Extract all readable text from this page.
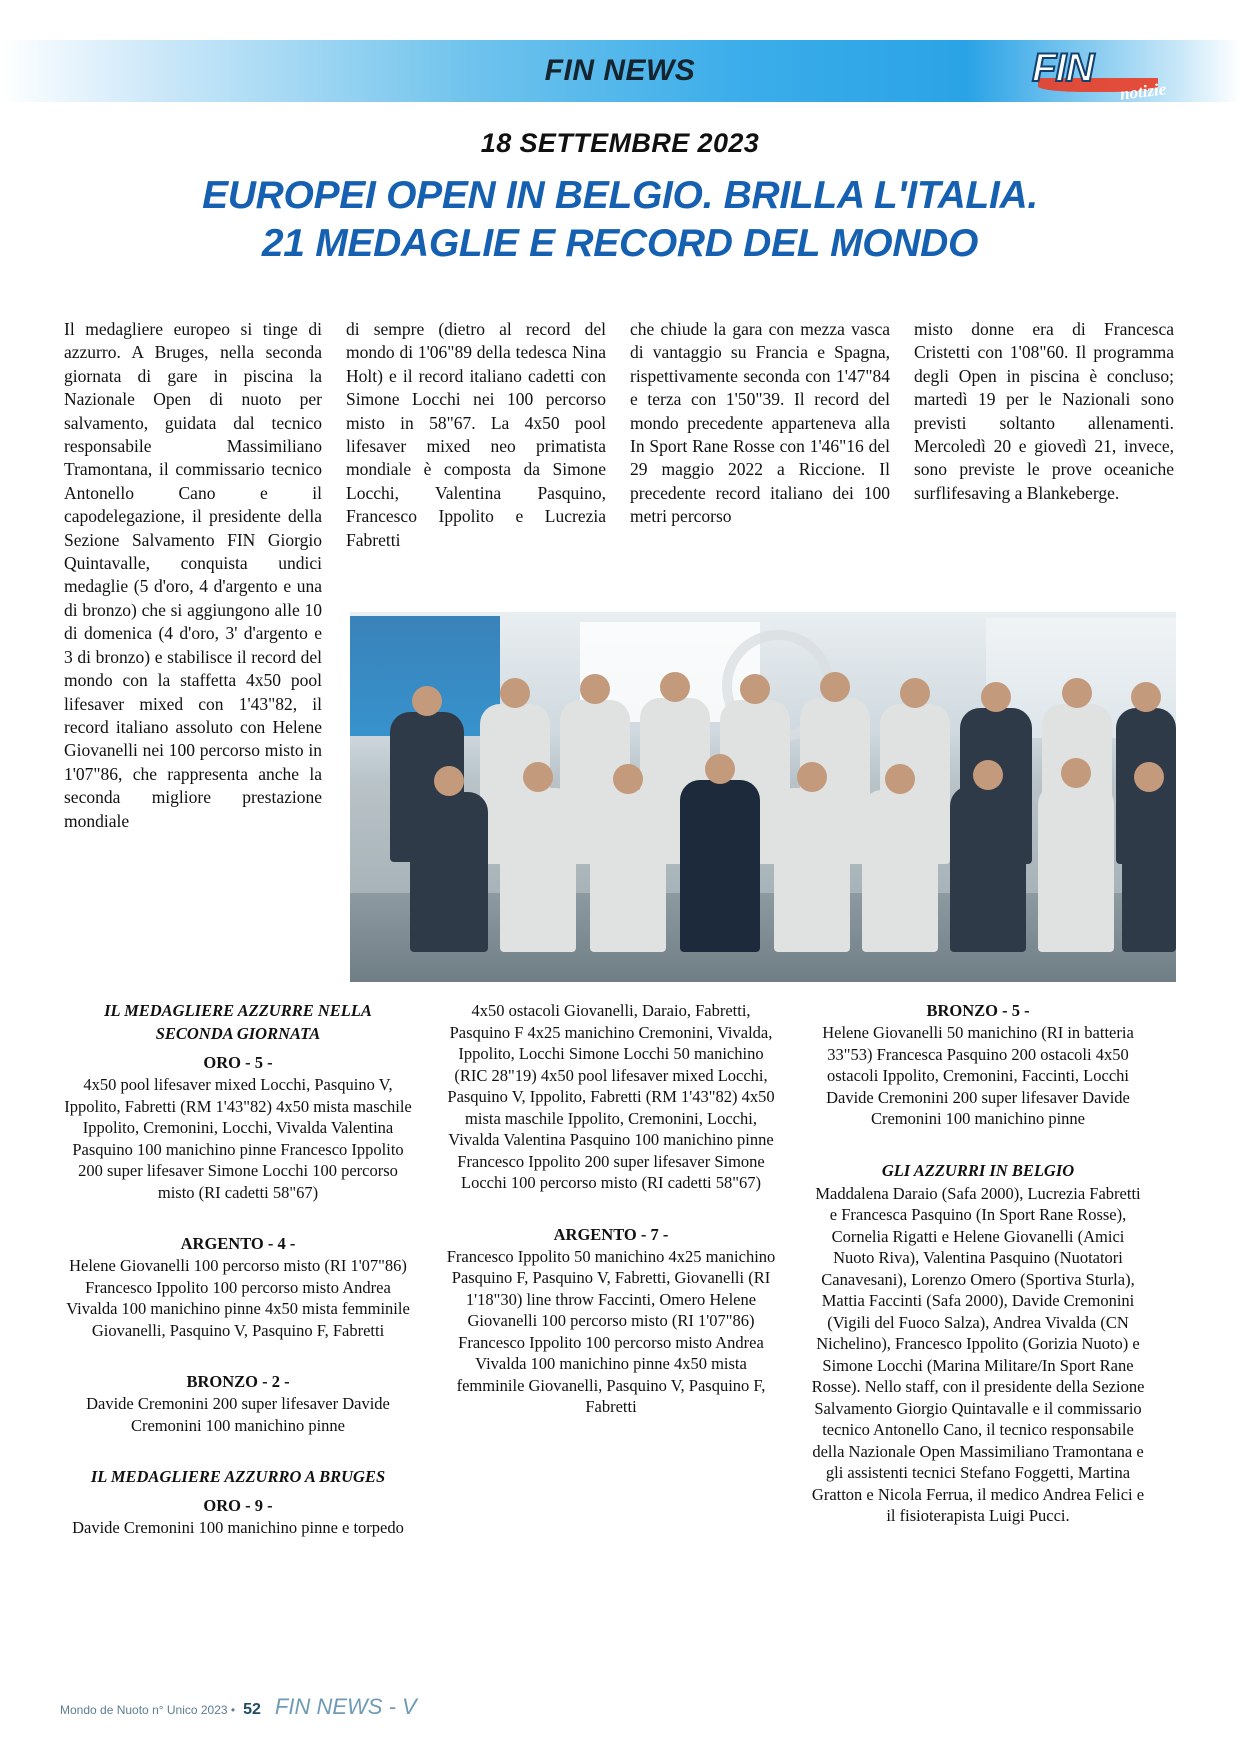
FIN NEWS	FIN
notizie
18 SETTEMBRE 2023
EUROPEI OPEN IN BELGIO. BRILLA L'ITALIA.
21 MEDAGLIE E RECORD DEL MONDO
Il medagliere europeo si tinge di azzurro. A Bruges, nella seconda giornata di gare in piscina la Nazionale Open di nuoto per salvamento, guidata dal tecnico responsabile Massimiliano Tramontana, il commissario tecnico Antonello Cano e il capodelegazione, il presidente della Sezione Salvamento FIN Giorgio Quintavalle, conquista undici medaglie (5 d'oro, 4 d'argento e una di bronzo) che si aggiungono alle 10 di domenica (4 d'oro, 3' d'argento e 3 di bronzo) e stabilisce il record del mondo con la staffetta 4x50 pool lifesaver mixed con 1'43"82, il record italiano assoluto con Helene Giovanelli nei 100 percorso misto in 1'07"86, che rappresenta anche la seconda migliore prestazione mondiale
di sempre (dietro al record del mondo di 1'06"89 della tedesca Nina Holt) e il record italiano cadetti con Simone Locchi nei 100 percorso misto in 58"67. La 4x50 pool lifesaver mixed neo primatista mondiale è composta da Simone Locchi, Valentina Pasquino, Francesco Ippolito e Lucrezia Fabretti
che chiude la gara con mezza vasca di vantaggio su Francia e Spagna, rispettivamente seconda con 1'47"84 e terza con 1'50"39. Il record del mondo precedente apparteneva alla In Sport Rane Rosse con 1'46"16 del 29 maggio 2022 a Riccione. Il precedente record italiano dei 100 metri percorso
misto donne era di Francesca Cristetti con 1'08"60. Il programma degli Open in piscina è concluso; martedì 19 per le Nazionali sono previsti soltanto allenamenti. Mercoledì 20 e giovedì 21, invece, sono previste le prove oceaniche surflifesaving a Blankeberge.
IL MEDAGLIERE AZZURRE NELLA
SECONDA GIORNATA
ORO - 5 -
4x50 pool lifesaver mixed Locchi, Pasquino V, Ippolito, Fabretti (RM 1'43"82) 4x50 mista maschile Ippolito, Cremonini, Locchi, Vivalda Valentina Pasquino 100 manichino pinne Francesco Ippolito 200 super lifesaver Simone Locchi 100 percorso misto (RI cadetti 58"67)
ARGENTO - 4 -
Helene Giovanelli 100 percorso misto (RI 1'07"86) Francesco Ippolito 100 percorso misto Andrea Vivalda 100 manichino pinne 4x50 mista femminile Giovanelli, Pasquino V, Pasquino F, Fabretti
BRONZO - 2 -
Davide Cremonini 200 super lifesaver Davide Cremonini 100 manichino pinne
IL MEDAGLIERE AZZURRO A BRUGES
ORO - 9 -
Davide Cremonini 100 manichino pinne e torpedo
4x50 ostacoli Giovanelli, Daraio, Fabretti, Pasquino F 4x25 manichino Cremonini, Vivalda, Ippolito, Locchi Simone Locchi 50 manichino (RIC 28"19) 4x50 pool lifesaver mixed Locchi, Pasquino V, Ippolito, Fabretti (RM 1'43"82) 4x50 mista maschile Ippolito, Cremonini, Locchi, Vivalda Valentina Pasquino 100 manichino pinne Francesco Ippolito 200 super lifesaver Simone Locchi 100 percorso misto (RI cadetti 58"67)
ARGENTO - 7 -
Francesco Ippolito 50 manichino 4x25 manichino Pasquino F, Pasquino V, Fabretti, Giovanelli (RI 1'18"30) line throw Faccinti, Omero Helene Giovanelli 100 percorso misto (RI 1'07"86) Francesco Ippolito 100 percorso misto Andrea Vivalda 100 manichino pinne 4x50 mista femminile Giovanelli, Pasquino V, Pasquino F, Fabretti
BRONZO - 5 -
Helene Giovanelli 50 manichino (RI in batteria 33"53) Francesca Pasquino 200 ostacoli 4x50 ostacoli Ippolito, Cremonini, Faccinti, Locchi Davide Cremonini 200 super lifesaver Davide Cremonini 100 manichino pinne
GLI AZZURRI IN BELGIO
Maddalena Daraio (Safa 2000), Lucrezia Fabretti e Francesca Pasquino (In Sport Rane Rosse), Cornelia Rigatti e Helene Giovanelli (Amici Nuoto Riva), Valentina Pasquino (Nuotatori Canavesani), Lorenzo Omero (Sportiva Sturla), Mattia Faccinti (Safa 2000), Davide Cremonini (Vigili del Fuoco Salza), Andrea Vivalda (CN Nichelino), Francesco Ippolito (Gorizia Nuoto) e Simone Locchi (Marina Militare/In Sport Rane Rosse). Nello staff, con il presidente della Sezione Salvamento Giorgio Quintavalle e il commissario tecnico Antonello Cano, il tecnico responsabile della Nazionale Open Massimiliano Tramontana e gli assistenti tecnici Stefano Foggetti, Martina Gratton e Nicola Ferrua, il medico Andrea Felici e il fisioterapista Luigi Pucci.
Mondo de Nuoto n° Unico 2023 • 52 FIN NEWS - V
